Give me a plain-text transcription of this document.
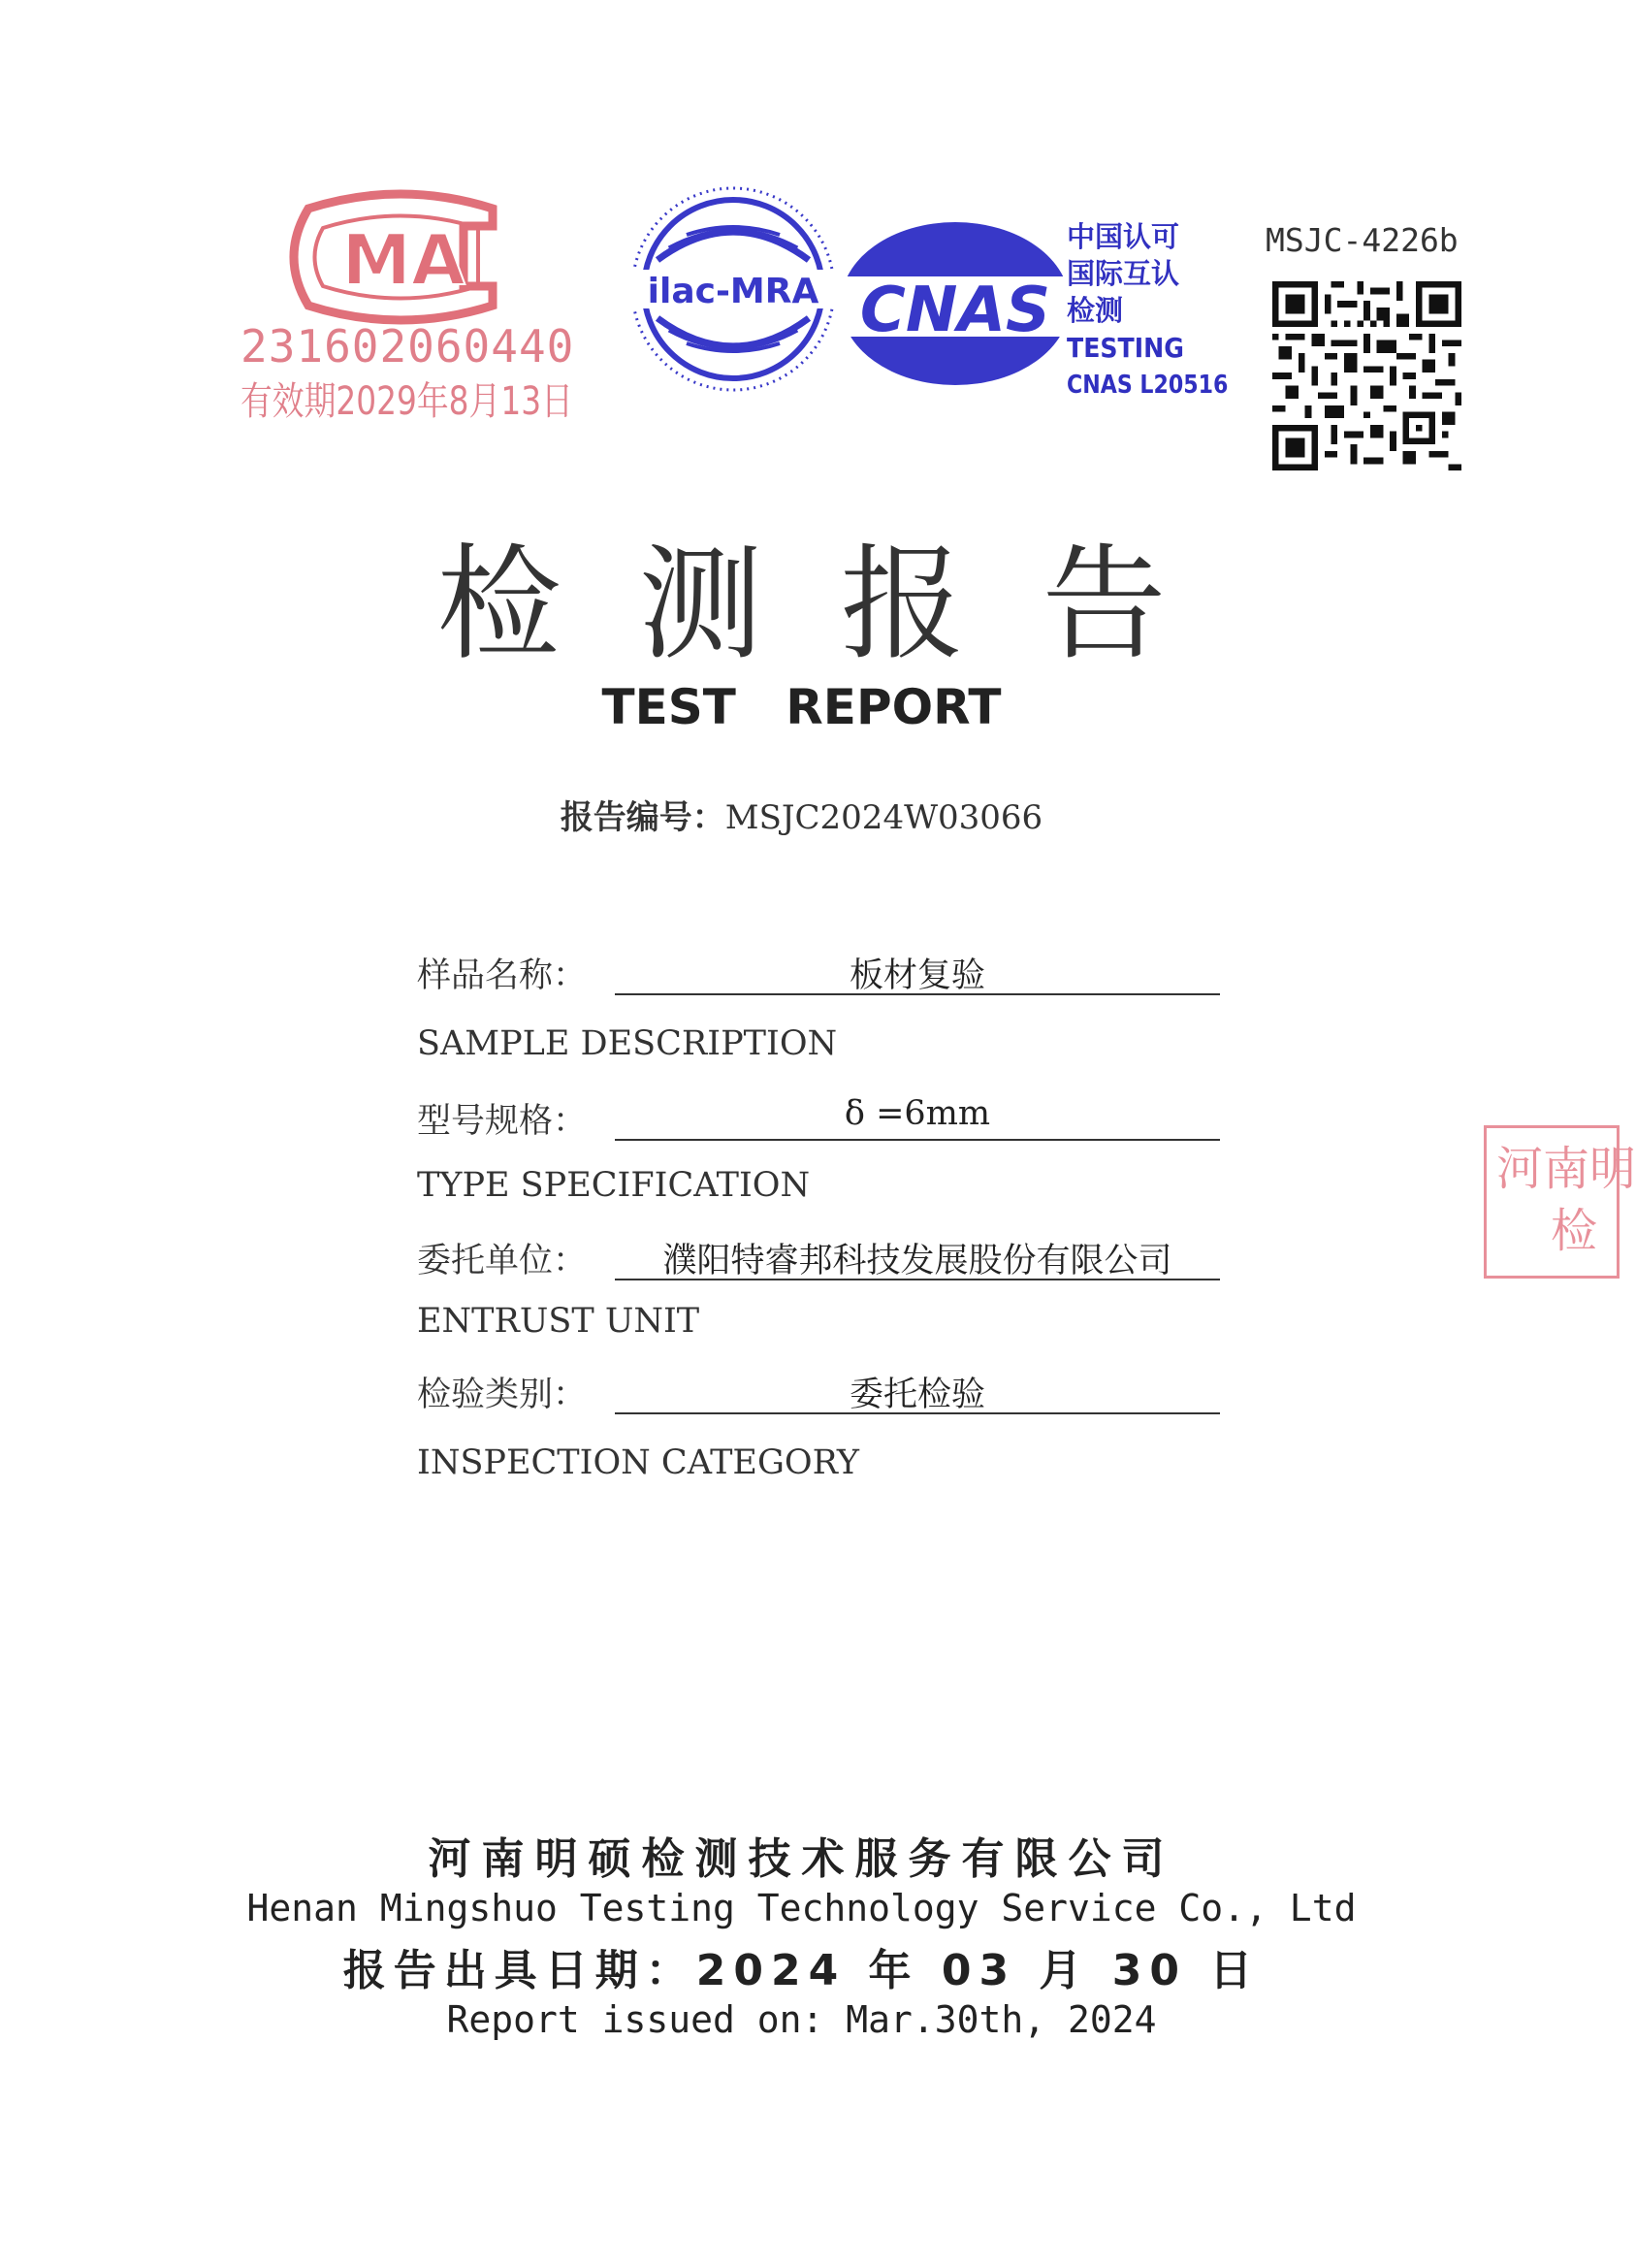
MA
231602060440
有效期2029年8月13日
ilac-MRA CNAS
中国认可
国际互认
检测
TESTING
CNAS L20516
MSJC-4226b
检测报告
TEST REPORT
报告编号：MSJC2024W03066
样品名称：	板材复验
SAMPLE DESCRIPTION
型号规格：	δ =6mm
TYPE SPECIFICATION
委托单位：	濮阳特睿邦科技发展股份有限公司
ENTRUST UNIT
检验类别：	委托检验
INSPECTION CATEGORY
河南明
检
河南明硕检测技术服务有限公司
Henan Mingshuo Testing Technology Service Co., Ltd
报告出具日期：2024 年 03 月 30 日
Report issued on: Mar.30th, 2024
